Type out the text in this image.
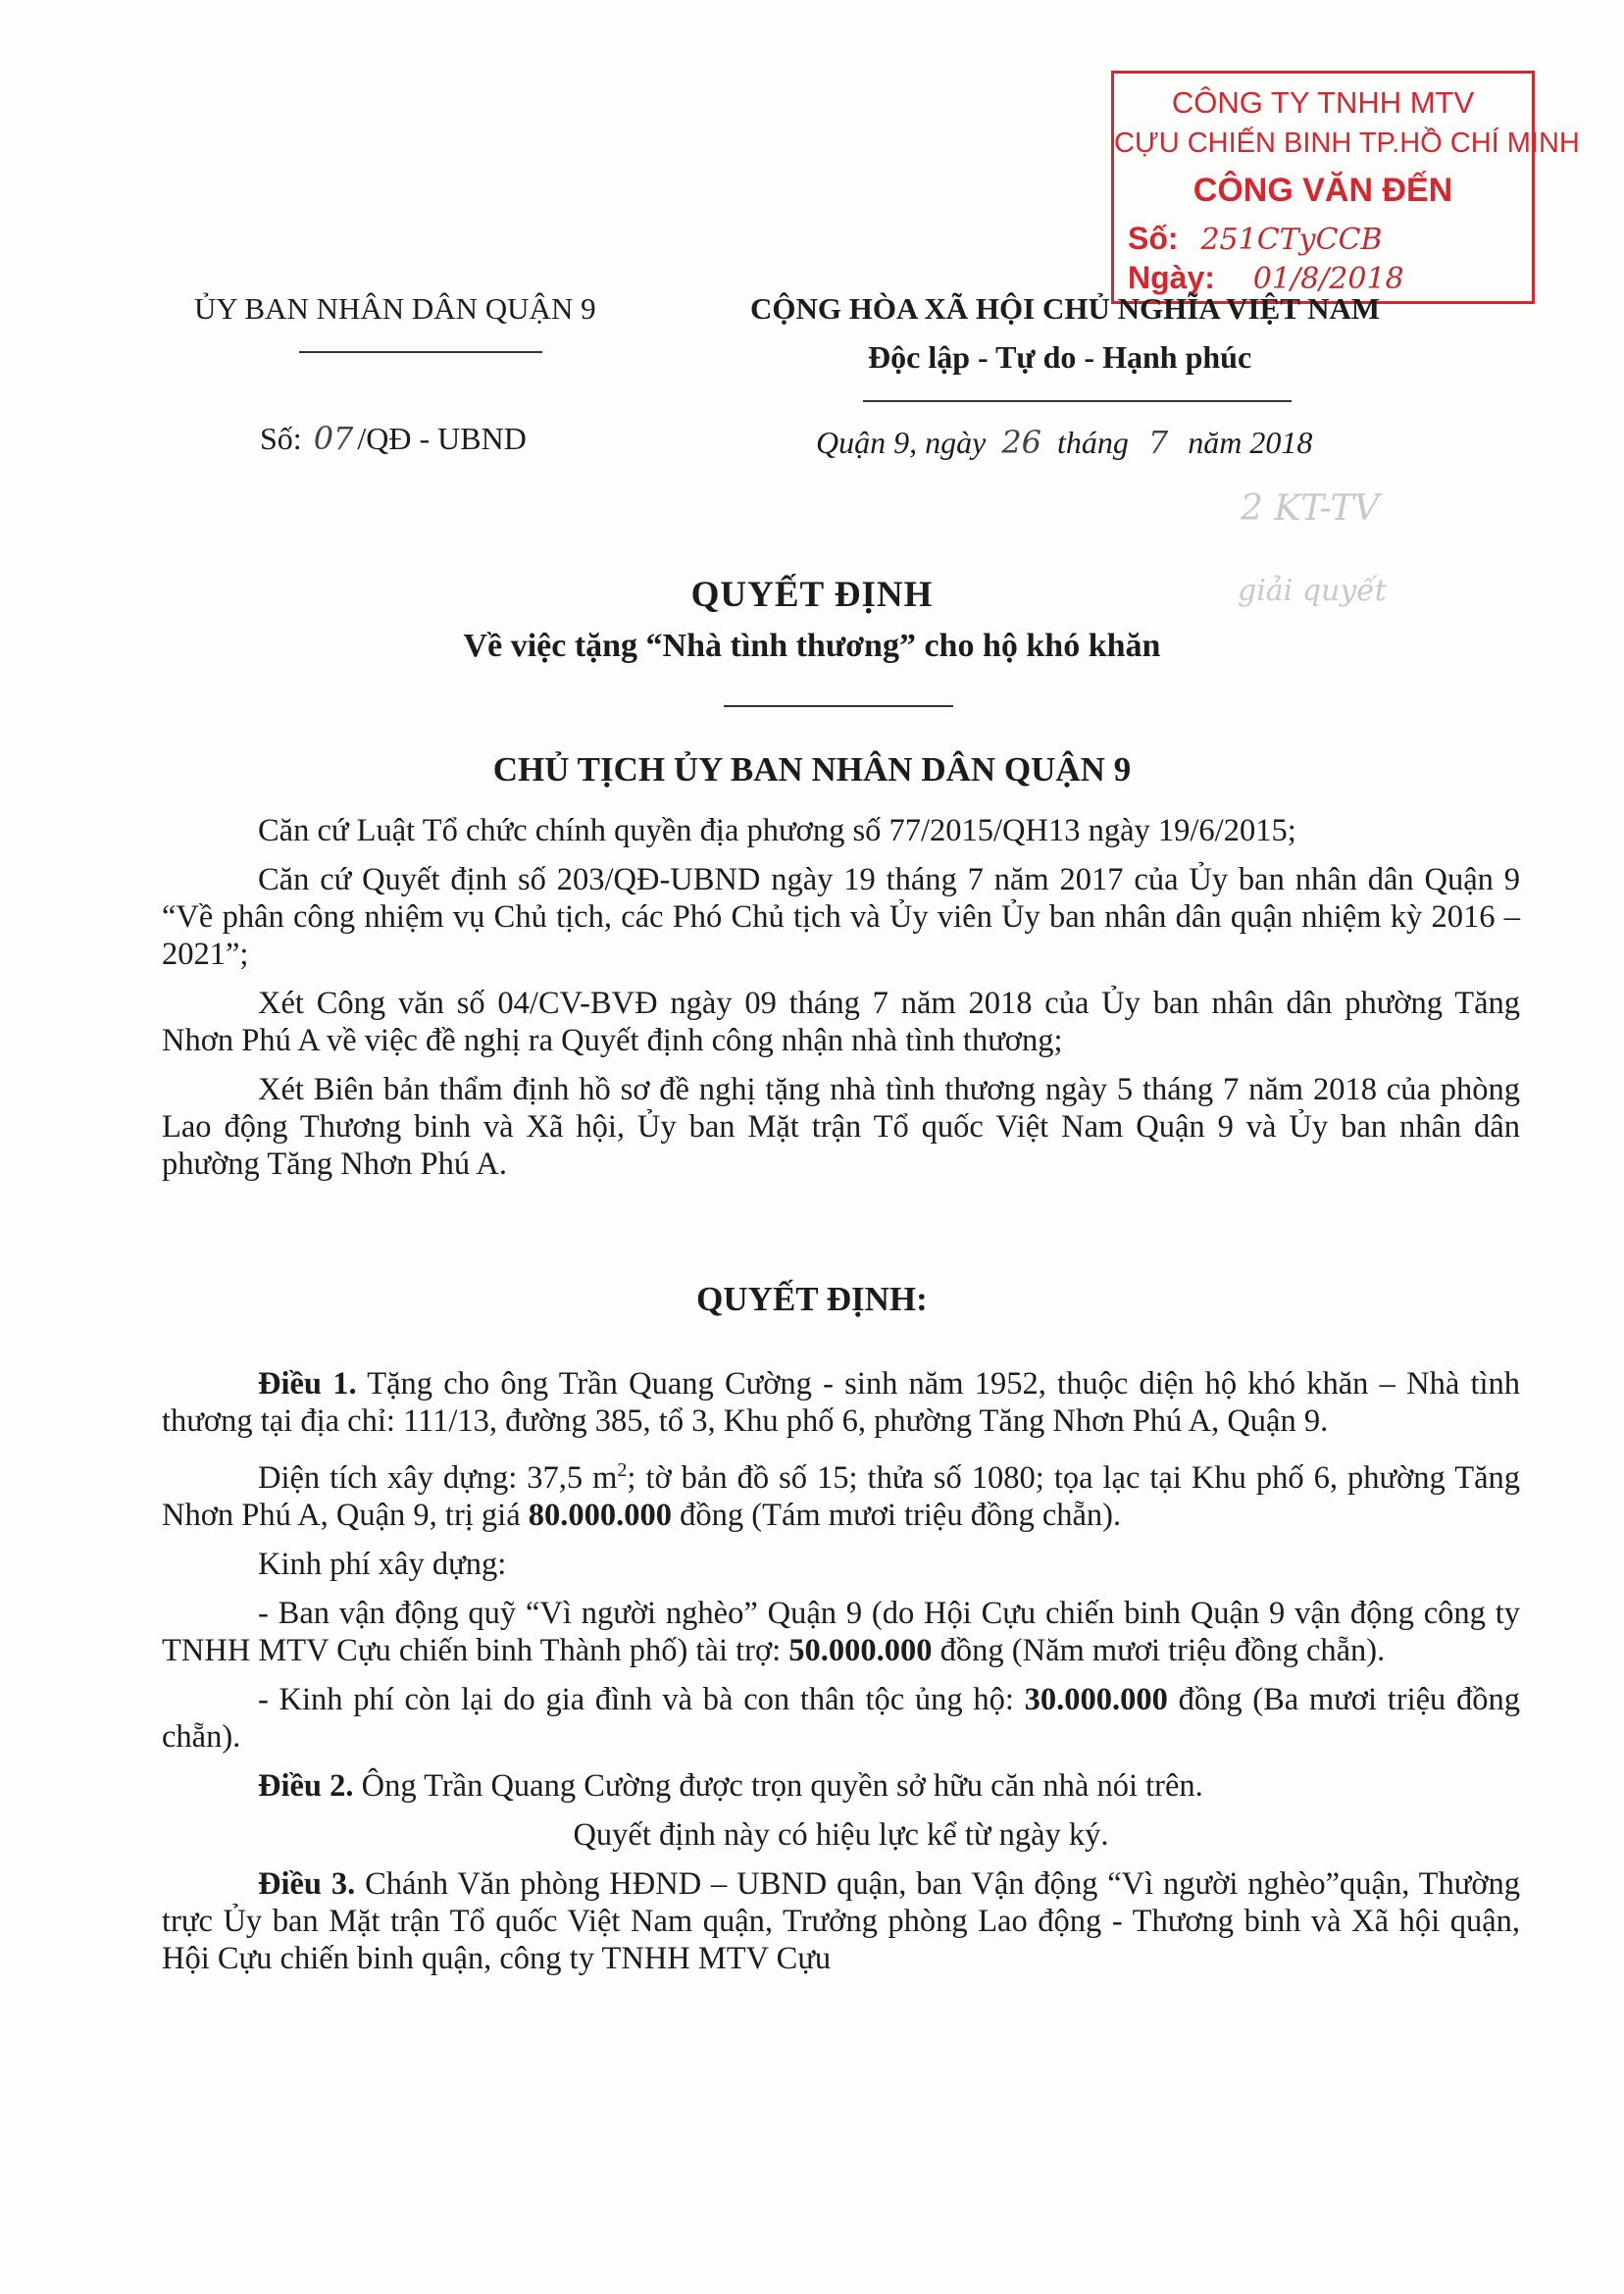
CÔNG TY TNHH MTV
CỰU CHIẾN BINH TP.HỒ CHÍ MINH
CÔNG VĂN ĐẾN
Số: 251CTyCCB
Ngày: 01/8/2018
ỦY BAN NHÂN DÂN QUẬN 9	CỘNG HÒA XÃ HỘI CHỦ NGHĨA VIỆT NAM
Độc lập - Tự do - Hạnh phúc
Số: 07 /QĐ - UBND	Quận 9, ngày 26 tháng 7 năm 2018
2 KT-TV
giải quyết
QUYẾT ĐỊNH
Về việc tặng “Nhà tình thương” cho hộ khó khăn
CHỦ TỊCH ỦY BAN NHÂN DÂN QUẬN 9

Căn cứ Luật Tổ chức chính quyền địa phương số 77/2015/QH13 ngày 19/6/2015;

Căn cứ Quyết định số 203/QĐ-UBND ngày 19 tháng 7 năm 2017 của Ủy ban nhân dân Quận 9 “Về phân công nhiệm vụ Chủ tịch, các Phó Chủ tịch và Ủy viên Ủy ban nhân dân quận nhiệm kỳ 2016 – 2021”;

Xét Công văn số 04/CV-BVĐ ngày 09 tháng 7 năm 2018 của Ủy ban nhân dân phường Tăng Nhơn Phú A về việc đề nghị ra Quyết định công nhận nhà tình thương;

Xét Biên bản thẩm định hồ sơ đề nghị tặng nhà tình thương ngày 5 tháng 7 năm 2018 của phòng Lao động Thương binh và Xã hội, Ủy ban Mặt trận Tổ quốc Việt Nam Quận 9 và Ủy ban nhân dân phường Tăng Nhơn Phú A.

QUYẾT ĐỊNH:

Điều 1. Tặng cho ông Trần Quang Cường - sinh năm 1952, thuộc diện hộ khó khăn – Nhà tình thương tại địa chỉ: 111/13, đường 385, tổ 3, Khu phố 6, phường Tăng Nhơn Phú A, Quận 9.

Diện tích xây dựng: 37,5 $m^2$; tờ bản đồ số 15; thửa số 1080; tọa lạc tại Khu phố 6, phường Tăng Nhơn Phú A, Quận 9, trị giá 80.000.000 đồng (Tám mươi triệu đồng chẵn).

Kinh phí xây dựng:

- Ban vận động quỹ “Vì người nghèo” Quận 9 (do Hội Cựu chiến binh Quận 9 vận động công ty TNHH MTV Cựu chiến binh Thành phố) tài trợ: 50.000.000 đồng (Năm mươi triệu đồng chẵn).

- Kinh phí còn lại do gia đình và bà con thân tộc ủng hộ: 30.000.000 đồng (Ba mươi triệu đồng chẵn).

Điều 2. Ông Trần Quang Cường được trọn quyền sở hữu căn nhà nói trên.

Quyết định này có hiệu lực kể từ ngày ký.

Điều 3. Chánh Văn phòng HĐND – UBND quận, ban Vận động “Vì người nghèo”quận, Thường trực Ủy ban Mặt trận Tổ quốc Việt Nam quận, Trưởng phòng Lao động - Thương binh và Xã hội quận, Hội Cựu chiến binh quận, công ty TNHH MTV Cựu
